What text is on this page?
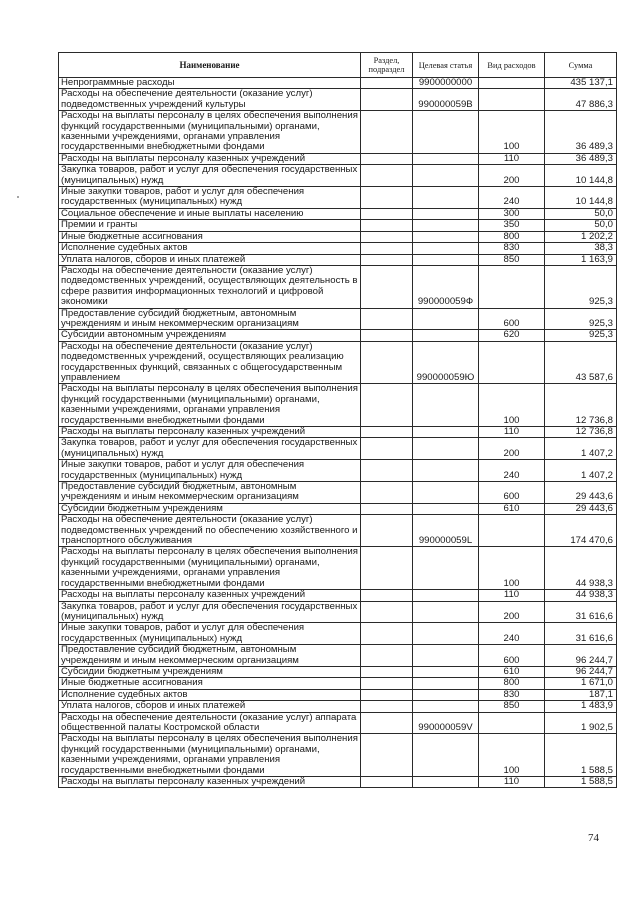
Наименование	Раздел, подраздел	Целевая статья	Вид расходов	Сумма
Непрограммные расходы		9900000000		435 137,1
Расходы на обеспечение деятельности (оказание услуг) подведомственных учреждений культуры		990000059В		47 886,3
Расходы на выплаты персоналу в целях обеспечения выполнения функций государственными (муниципальными) органами, казенными учреждениями, органами управления государственными внебюджетными фондами			100	36 489,3
Расходы на выплаты персоналу казенных учреждений			110	36 489,3
Закупка товаров, работ и услуг для обеспечения государственных (муниципальных) нужд			200	10 144,8
Иные закупки товаров, работ и услуг для обеспечения государственных (муниципальных) нужд			240	10 144,8
Социальное обеспечение и иные выплаты населению			300	50,0
Премии и гранты			350	50,0
Иные бюджетные ассигнования			800	1 202,2
Исполнение судебных актов			830	38,3
Уплата налогов, сборов и иных платежей			850	1 163,9
Расходы на обеспечение деятельности (оказание услуг) подведомственных учреждений, осуществляющих деятельность в сфере развития информационных технологий и цифровой экономики		990000059Ф		925,3
Предоставление субсидий бюджетным, автономным учреждениям и иным некоммерческим организациям			600	925,3
Субсидии автономным учреждениям			620	925,3
Расходы на обеспечение деятельности (оказание услуг) подведомственных учреждений, осуществляющих реализацию государственных функций, связанных с общегосударственным управлением		990000059Ю		43 587,6
Расходы на выплаты персоналу в целях обеспечения выполнения функций государственными (муниципальными) органами, казенными учреждениями, органами управления государственными внебюджетными фондами			100	12 736,8
Расходы на выплаты персоналу казенных учреждений			110	12 736,8
Закупка товаров, работ и услуг для обеспечения государственных (муниципальных) нужд			200	1 407,2
Иные закупки товаров, работ и услуг для обеспечения государственных (муниципальных) нужд			240	1 407,2
Предоставление субсидий бюджетным, автономным учреждениям и иным некоммерческим организациям			600	29 443,6
Субсидии бюджетным учреждениям			610	29 443,6
Расходы на обеспечение деятельности (оказание услуг) подведомственных учреждений по обеспечению хозяйственного и транспортного обслуживания		990000059L		174 470,6
Расходы на выплаты персоналу в целях обеспечения выполнения функций государственными (муниципальными) органами, казенными учреждениями, органами управления государственными внебюджетными фондами			100	44 938,3
Расходы на выплаты персоналу казенных учреждений			110	44 938,3
Закупка товаров, работ и услуг для обеспечения государственных (муниципальных) нужд			200	31 616,6
Иные закупки товаров, работ и услуг для обеспечения государственных (муниципальных) нужд			240	31 616,6
Предоставление субсидий бюджетным, автономным учреждениям и иным некоммерческим организациям			600	96 244,7
Субсидии бюджетным учреждениям			610	96 244,7
Иные бюджетные ассигнования			800	1 671,0
Исполнение судебных актов			830	187,1
Уплата налогов, сборов и иных платежей			850	1 483,9
Расходы на обеспечение деятельности (оказание услуг) аппарата общественной палаты Костромской области		990000059V		1 902,5
Расходы на выплаты персоналу в целях обеспечения выполнения функций государственными (муниципальными) органами, казенными учреждениями, органами управления государственными внебюджетными фондами			100	1 588,5
Расходы на выплаты персоналу казенных учреждений			110	1 588,5
74
